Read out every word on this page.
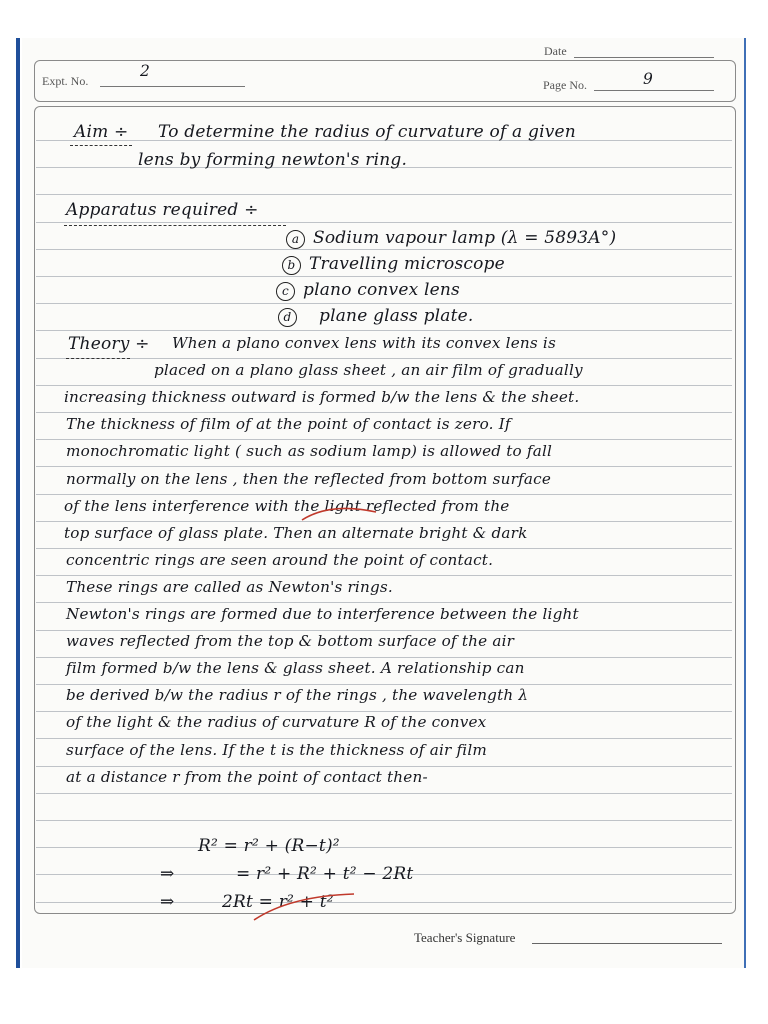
Date
Expt. No.
2
Page No.	9
Aim ÷ To determine the radius of curvature of a given
lens by forming newton's ring.
Apparatus required ÷
a Sodium vapour lamp (λ = 5893A°)
b Travelling microscope
c plano convex lens
d plane glass plate.
Theory ÷ When a plano convex lens with its convex lens is
placed on a plano glass sheet , an air film of gradually
increasing thickness outward is formed b/w the lens & the sheet.
The thickness of film of at the point of contact is zero. If
monochromatic light ( such as sodium lamp) is allowed to fall
normally on the lens , then the reflected from bottom surface
of the lens interference with the light reflected from the
top surface of glass plate. Then an alternate bright & dark
concentric rings are seen around the point of contact.
These rings are called as Newton's rings.
Newton's rings are formed due to interference between the light
waves reflected from the top & bottom surface of the air
film formed b/w the lens & glass sheet. A relationship can
be derived b/w the radius r of the rings , the wavelength λ
of the light & the radius of curvature R of the convex
surface of the lens. If the t is the thickness of air film
at a distance r from the point of contact then-
R² = r² + (R−t)²
⇒	= r² + R² + t² − 2Rt
⇒	2Rt = r² + t²
Teacher's Signature
